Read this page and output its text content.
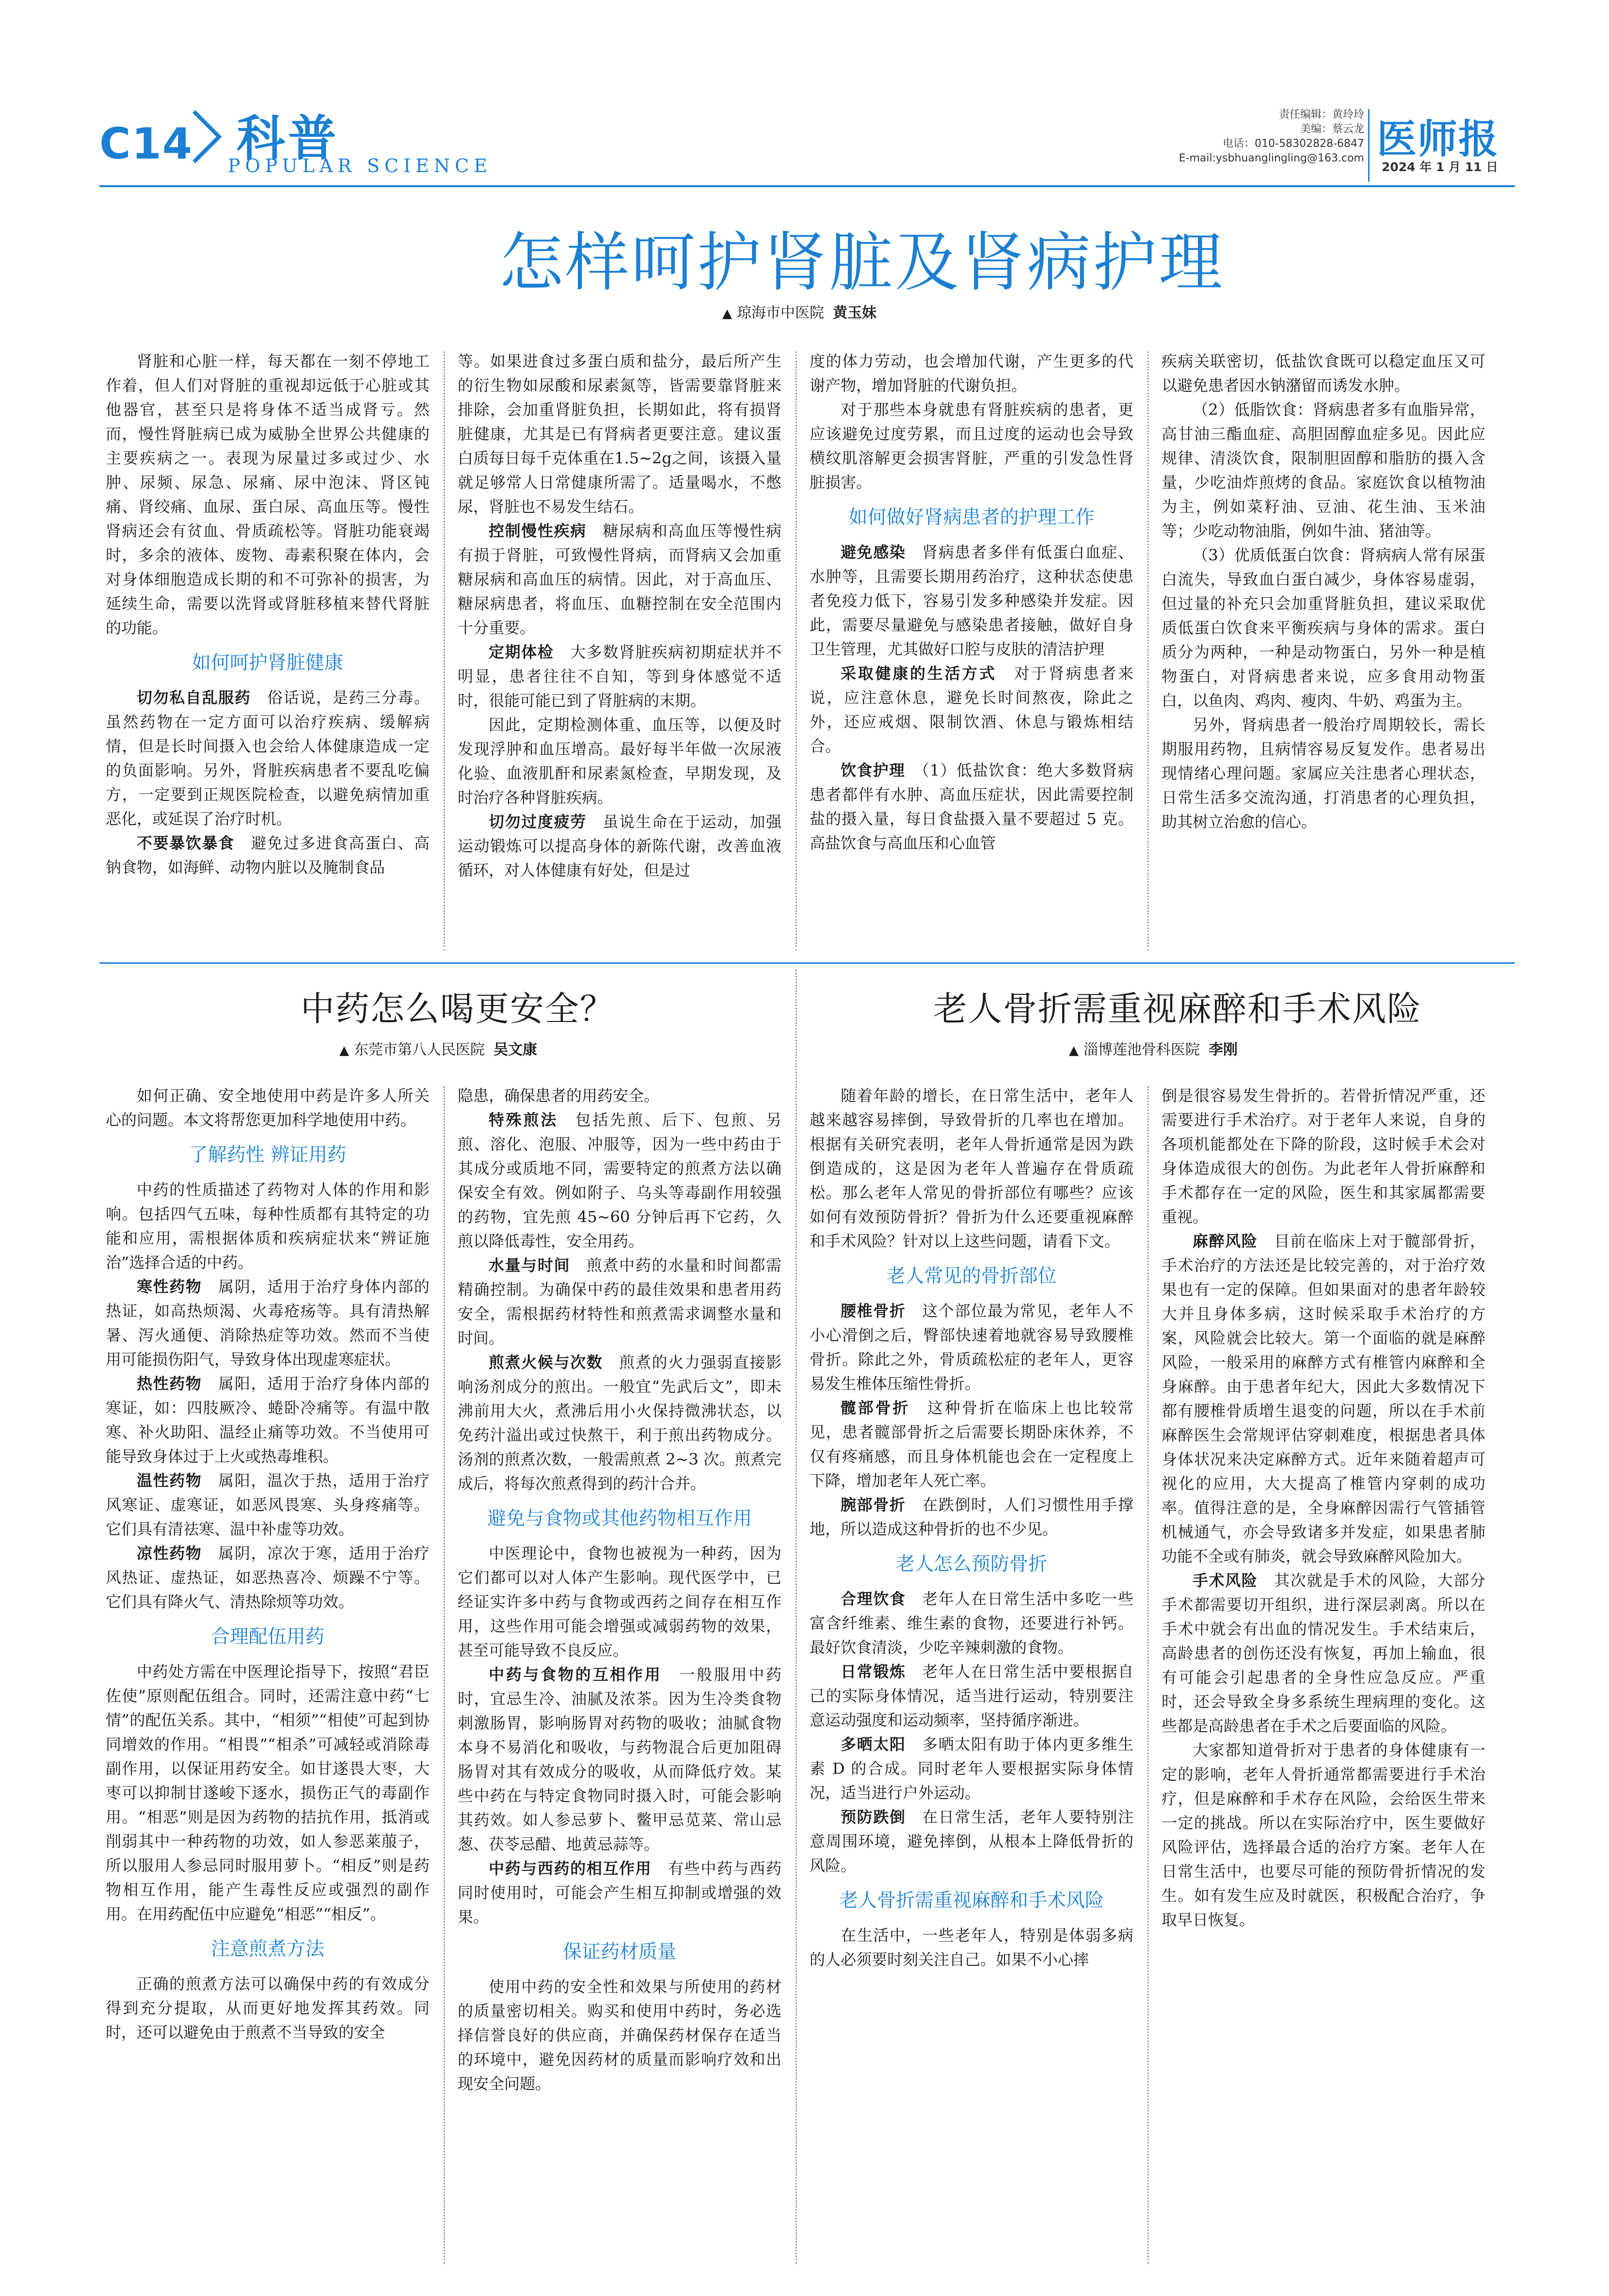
C14 科普
POPULAR SCIENCE
责任编辑：黄玲玲
美编：蔡云龙
电话：010-58302828-6847
E-mail:ysbhuanglingling@163.com 医师报
2024 年 1 月 11 日
怎样呵护肾脏及肾病护理
▲ 琼海市中医院 黄玉妹

肾脏和心脏一样，每天都在一刻不停地工作着，但人们对肾脏的重视却远低于心脏或其他器官，甚至只是将身体不适当成肾亏。然而，慢性肾脏病已成为威胁全世界公共健康的主要疾病之一。表现为尿量过多或过少、水肿、尿频、尿急、尿痛、尿中泡沫、肾区钝痛、肾绞痛、血尿、蛋白尿、高血压等。慢性肾病还会有贫血、骨质疏松等。肾脏功能衰竭时，多余的液体、废物、毒素积聚在体内，会对身体细胞造成长期的和不可弥补的损害，为延续生命，需要以洗肾或肾脏移植来替代肾脏的功能。

如何呵护肾脏健康

切勿私自乱服药　 俗话说，是药三分毒。虽然药物在一定方面可以治疗疾病、缓解病情，但是长时间摄入也会给人体健康造成一定的负面影响。另外，肾脏疾病患者不要乱吃偏方，一定要到正规医院检查，以避免病情加重恶化，或延误了治疗时机。

不要暴饮暴食　 避免过多进食高蛋白、高钠食物，如海鲜、动物内脏以及腌制食品

等。如果进食过多蛋白质和盐分，最后所产生的衍生物如尿酸和尿素氮等，皆需要靠肾脏来排除，会加重肾脏负担，长期如此，将有损肾脏健康，尤其是已有肾病者更要注意。建议蛋白质每日每千克体重在1.5~2g之间，该摄入量就足够常人日常健康所需了。适量喝水，不憋尿，肾脏也不易发生结石。

控制慢性疾病　 糖尿病和高血压等慢性病有损于肾脏，可致慢性肾病，而肾病又会加重糖尿病和高血压的病情。因此，对于高血压、糖尿病患者，将血压、血糖控制在安全范围内十分重要。

定期体检　 大多数肾脏疾病初期症状并不明显，患者往往不自知，等到身体感觉不适时，很能可能已到了肾脏病的末期。

因此，定期检测体重、血压等，以便及时发现浮肿和血压增高。最好每半年做一次尿液化验、血液肌酐和尿素氮检查，早期发现，及时治疗各种肾脏疾病。

切勿过度疲劳　 虽说生命在于运动，加强运动锻炼可以提高身体的新陈代谢，改善血液循环，对人体健康有好处，但是过

度的体力劳动，也会增加代谢，产生更多的代谢产物，增加肾脏的代谢负担。

对于那些本身就患有肾脏疾病的患者，更应该避免过度劳累，而且过度的运动也会导致横纹肌溶解更会损害肾脏，严重的引发急性肾脏损害。

如何做好肾病患者的护理工作

避免感染　 肾病患者多伴有低蛋白血症、水肿等，且需要长期用药治疗，这种状态使患者免疫力低下，容易引发多种感染并发症。因此，需要尽量避免与感染患者接触，做好自身卫生管理，尤其做好口腔与皮肤的清洁护理

采取健康的生活方式　 对于肾病患者来说，应注意休息，避免长时间熬夜，除此之外，还应戒烟、限制饮酒、休息与锻炼相结合。

饮食护理　 （1）低盐饮食：绝大多数肾病患者都伴有水肿、高血压症状，因此需要控制盐的摄入量，每日食盐摄入量不要超过 5 克。高盐饮食与高血压和心血管

疾病关联密切，低盐饮食既可以稳定血压又可以避免患者因水钠潴留而诱发水肿。

（2）低脂饮食：肾病患者多有血脂异常，高甘油三酯血症、高胆固醇血症多见。因此应规律、清淡饮食，限制胆固醇和脂肪的摄入含量，少吃油炸煎烤的食品。家庭饮食以植物油为主，例如菜籽油、豆油、花生油、玉米油等；少吃动物油脂，例如牛油、猪油等。

（3）优质低蛋白饮食：肾病病人常有尿蛋白流失，导致血白蛋白减少，身体容易虚弱，但过量的补充只会加重肾脏负担，建议采取优质低蛋白饮食来平衡疾病与身体的需求。蛋白质分为两种，一种是动物蛋白，另外一种是植物蛋白，对肾病患者来说，应多食用动物蛋白，以鱼肉、鸡肉、瘦肉、牛奶、鸡蛋为主。

另外，肾病患者一般治疗周期较长，需长期服用药物，且病情容易反复发作。患者易出现情绪心理问题。家属应关注患者心理状态，日常生活多交流沟通，打消患者的心理负担，助其树立治愈的信心。

中药怎么喝更安全？
▲ 东莞市第八人民医院 吴文康

如何正确、安全地使用中药是许多人所关心的问题。本文将帮您更加科学地使用中药。

了解药性 辨证用药

中药的性质描述了药物对人体的作用和影响。包括四气五味，每种性质都有其特定的功能和应用，需根据体质和疾病症状来“辨证施治”选择合适的中药。

寒性药物　 属阴，适用于治疗身体内部的热证，如高热烦渴、火毒疮疡等。具有清热解暑、泻火通便、消除热症等功效。然而不当使用可能损伤阳气，导致身体出现虚寒症状。

热性药物　 属阳，适用于治疗身体内部的寒证，如：四肢厥冷、蜷卧冷痛等。有温中散寒、补火助阳、温经止痛等功效。不当使用可能导致身体过于上火或热毒堆积。

温性药物　 属阳，温次于热，适用于治疗风寒证、虚寒证，如恶风畏寒、头身疼痛等。它们具有清祛寒、温中补虚等功效。

凉性药物　 属阴，凉次于寒，适用于治疗风热证、虚热证，如恶热喜冷、烦躁不宁等。它们具有降火气、清热除烦等功效。

合理配伍用药

中药处方需在中医理论指导下，按照“君臣佐使”原则配伍组合。同时，还需注意中药“七情”的配伍关系。其中，“相须”“相使”可起到协同增效的作用。“相畏”“相杀”可减轻或消除毒副作用，以保证用药安全。如甘遂畏大枣，大枣可以抑制甘遂峻下逐水，损伤正气的毒副作用。“相恶”则是因为药物的拮抗作用，抵消或削弱其中一种药物的功效，如人参恶莱菔子，所以服用人参忌同时服用萝卜。“相反”则是药物相互作用，能产生毒性反应或强烈的副作用。在用药配伍中应避免“相恶”“相反”。

注意煎煮方法

正确的煎煮方法可以确保中药的有效成分得到充分提取，从而更好地发挥其药效。同时，还可以避免由于煎煮不当导致的安全

隐患，确保患者的用药安全。

特殊煎法　 包括先煎、后下、包煎、另煎、溶化、泡服、冲服等，因为一些中药由于其成分或质地不同，需要特定的煎煮方法以确保安全有效。例如附子、乌头等毒副作用较强的药物，宜先煎 45~60 分钟后再下它药，久煎以降低毒性，安全用药。

水量与时间　 煎煮中药的水量和时间都需精确控制。为确保中药的最佳效果和患者用药安全，需根据药材特性和煎煮需求调整水量和时间。

煎煮火候与次数　 煎煮的火力强弱直接影响汤剂成分的煎出。一般宜“先武后文”，即未沸前用大火，煮沸后用小火保持微沸状态，以免药汁溢出或过快熬干，利于煎出药物成分。汤剂的煎煮次数，一般需煎煮 2~3 次。煎煮完成后，将每次煎煮得到的药汁合并。

避免与食物或其他药物相互作用

中医理论中，食物也被视为一种药，因为它们都可以对人体产生影响。现代医学中，已经证实许多中药与食物或西药之间存在相互作用，这些作用可能会增强或减弱药物的效果，甚至可能导致不良反应。

中药与食物的互相作用　 一般服用中药时，宜忌生冷、油腻及浓茶。因为生冷类食物刺激肠胃，影响肠胃对药物的吸收；油腻食物本身不易消化和吸收，与药物混合后更加阻碍肠胃对其有效成分的吸收，从而降低疗效。某些中药在与特定食物同时摄入时，可能会影响其药效。如人参忌萝卜、鳖甲忌苋菜、常山忌葱、茯苓忌醋、地黄忌蒜等。

中药与西药的相互作用　 有些中药与西药同时使用时，可能会产生相互抑制或增强的效果。

保证药材质量

使用中药的安全性和效果与所使用的药材的质量密切相关。购买和使用中药时，务必选择信誉良好的供应商，并确保药材保存在适当的环境中，避免因药材的质量而影响疗效和出现安全问题。

老人骨折需重视麻醉和手术风险
▲ 淄博莲池骨科医院 李刚

随着年龄的增长，在日常生活中，老年人越来越容易摔倒，导致骨折的几率也在增加。根据有关研究表明，老年人骨折通常是因为跌倒造成的，这是因为老年人普遍存在骨质疏松。那么老年人常见的骨折部位有哪些？应该如何有效预防骨折？骨折为什么还要重视麻醉和手术风险？针对以上这些问题，请看下文。

老人常见的骨折部位

腰椎骨折　 这个部位最为常见，老年人不小心滑倒之后，臀部快速着地就容易导致腰椎骨折。除此之外，骨质疏松症的老年人，更容易发生椎体压缩性骨折。

髋部骨折　 这种骨折在临床上也比较常见，患者髋部骨折之后需要长期卧床休养，不仅有疼痛感，而且身体机能也会在一定程度上下降，增加老年人死亡率。

腕部骨折　 在跌倒时，人们习惯性用手撑地，所以造成这种骨折的也不少见。

老人怎么预防骨折

合理饮食　 老年人在日常生活中多吃一些富含纤维素、维生素的食物，还要进行补钙。最好饮食清淡，少吃辛辣刺激的食物。

日常锻炼　 老年人在日常生活中要根据自己的实际身体情况，适当进行运动，特别要注意运动强度和运动频率，坚持循序渐进。

多晒太阳　 多晒太阳有助于体内更多维生素 D 的合成。同时老年人要根据实际身体情况，适当进行户外运动。

预防跌倒　 在日常生活，老年人要特别注意周围环境，避免摔倒，从根本上降低骨折的风险。

老人骨折需重视麻醉和手术风险

在生活中，一些老年人，特别是体弱多病的人必须要时刻关注自己。如果不小心摔

倒是很容易发生骨折的。若骨折情况严重，还需要进行手术治疗。对于老年人来说，自身的各项机能都处在下降的阶段，这时候手术会对身体造成很大的创伤。为此老年人骨折麻醉和手术都存在一定的风险，医生和其家属都需要重视。

麻醉风险　 目前在临床上对于髋部骨折，手术治疗的方法还是比较完善的，对于治疗效果也有一定的保障。但如果面对的患者年龄较大并且身体多病，这时候采取手术治疗的方案，风险就会比较大。第一个面临的就是麻醉风险，一般采用的麻醉方式有椎管内麻醉和全身麻醉。由于患者年纪大，因此大多数情况下都有腰椎骨质增生退变的问题，所以在手术前麻醉医生会常规评估穿刺难度，根据患者具体身体状况来决定麻醉方式。近年来随着超声可视化的应用，大大提高了椎管内穿刺的成功率。值得注意的是，全身麻醉因需行气管插管机械通气，亦会导致诸多并发症，如果患者肺功能不全或有肺炎，就会导致麻醉风险加大。

手术风险　 其次就是手术的风险，大部分手术都需要切开组织，进行深层剥离。所以在手术中就会有出血的情况发生。手术结束后，高龄患者的创伤还没有恢复，再加上输血，很有可能会引起患者的全身性应急反应。严重时，还会导致全身多系统生理病理的变化。这些都是高龄患者在手术之后要面临的风险。

大家都知道骨折对于患者的身体健康有一定的影响，老年人骨折通常都需要进行手术治疗，但是麻醉和手术存在风险，会给医生带来一定的挑战。所以在实际治疗中，医生要做好风险评估，选择最合适的治疗方案。老年人在日常生活中，也要尽可能的预防骨折情况的发生。如有发生应及时就医，积极配合治疗，争取早日恢复。
